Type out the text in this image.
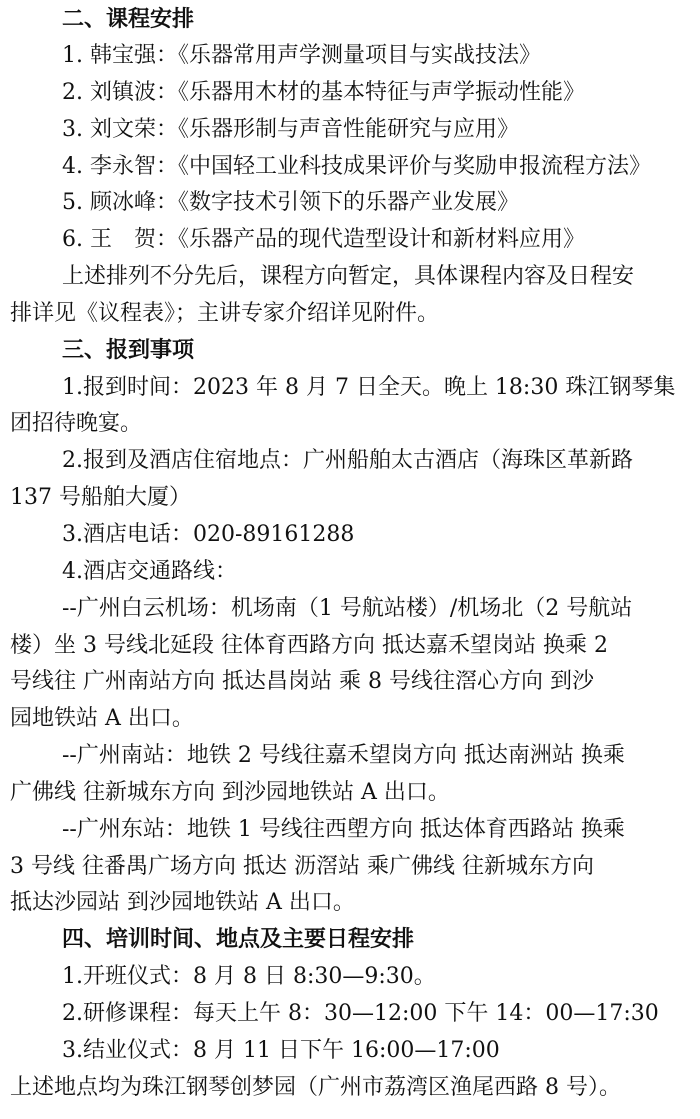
二、课程安排
1. 韩宝强：《乐器常用声学测量项目与实战技法》
2. 刘镇波：《乐器用木材的基本特征与声学振动性能》
3. 刘文荣：《乐器形制与声音性能研究与应用》
4. 李永智：《中国轻工业科技成果评价与奖励申报流程方法》
5. 顾冰峰：《数字技术引领下的乐器产业发展》
6. 王　贺：《乐器产品的现代造型设计和新材料应用》
上述排列不分先后，课程方向暂定，具体课程内容及日程安
排详见《议程表》；主讲专家介绍详见附件。
三、报到事项
1.报到时间：2023 年 8 月 7 日全天。晚上 18:30 珠江钢琴集
团招待晚宴。
2.报到及酒店住宿地点：广州船舶太古酒店（海珠区革新路
137 号船舶大厦）
3.酒店电话：020-89161288
4.酒店交通路线：
--广州白云机场：机场南（1 号航站楼）/机场北（2 号航站
楼）坐 3 号线北延段 往体育西路方向 抵达嘉禾望岗站 换乘 2
号线往 广州南站方向 抵达昌岗站 乘 8 号线往滘心方向 到沙
园地铁站 A 出口。
--广州南站：地铁 2 号线往嘉禾望岗方向 抵达南洲站 换乘
广佛线 往新城东方向 到沙园地铁站 A 出口。
--广州东站：地铁 1 号线往西塱方向 抵达体育西路站 换乘
3 号线 往番禺广场方向 抵达 沥滘站 乘广佛线 往新城东方向
抵达沙园站 到沙园地铁站 A 出口。
四、培训时间、地点及主要日程安排
1.开班仪式：8 月 8 日 8:30—9:30。
2.研修课程：每天上午 8：30—12:00 下午 14：00—17:30
3.结业仪式：8 月 11 日下午 16:00—17:00
上述地点均为珠江钢琴创梦园（广州市荔湾区渔尾西路 8 号）。
